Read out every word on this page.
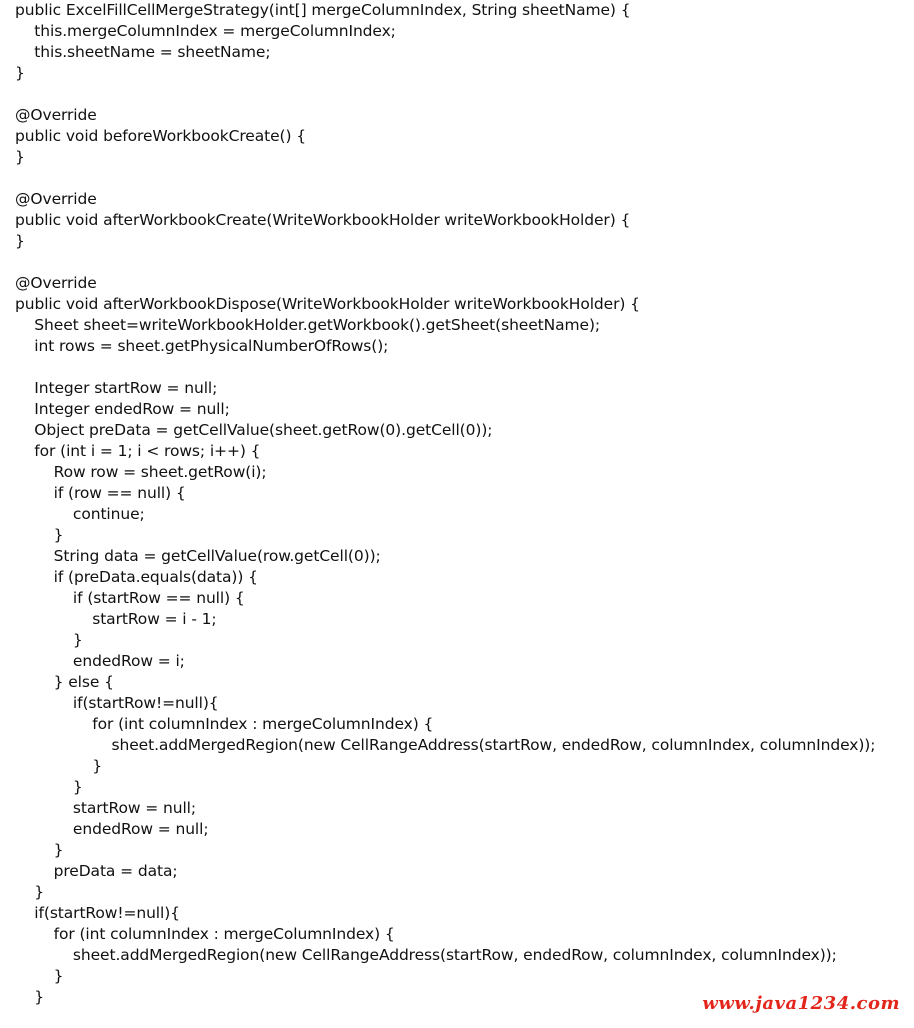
public ExcelFillCellMergeStrategy(int[] mergeColumnIndex, String sheetName) {
this.mergeColumnIndex = mergeColumnIndex;
this.sheetName = sheetName;
}
@Override
public void beforeWorkbookCreate() {
}
@Override
public void afterWorkbookCreate(WriteWorkbookHolder writeWorkbookHolder) {
}
@Override
public void afterWorkbookDispose(WriteWorkbookHolder writeWorkbookHolder) {
Sheet sheet=writeWorkbookHolder.getWorkbook().getSheet(sheetName);
int rows = sheet.getPhysicalNumberOfRows();
Integer startRow = null;
Integer endedRow = null;
Object preData = getCellValue(sheet.getRow(0).getCell(0));
for (int i = 1; i < rows; i++) {
Row row = sheet.getRow(i);
if (row == null) {
continue;
}
String data = getCellValue(row.getCell(0));
if (preData.equals(data)) {
if (startRow == null) {
startRow = i - 1;
}
endedRow = i;
} else {
if(startRow!=null){
for (int columnIndex : mergeColumnIndex) {
sheet.addMergedRegion(new CellRangeAddress(startRow, endedRow, columnIndex, columnIndex));
}
}
startRow = null;
endedRow = null;
}
preData = data;
}
if(startRow!=null){
for (int columnIndex : mergeColumnIndex) {
sheet.addMergedRegion(new CellRangeAddress(startRow, endedRow, columnIndex, columnIndex));
}
}	www.java1234.com
